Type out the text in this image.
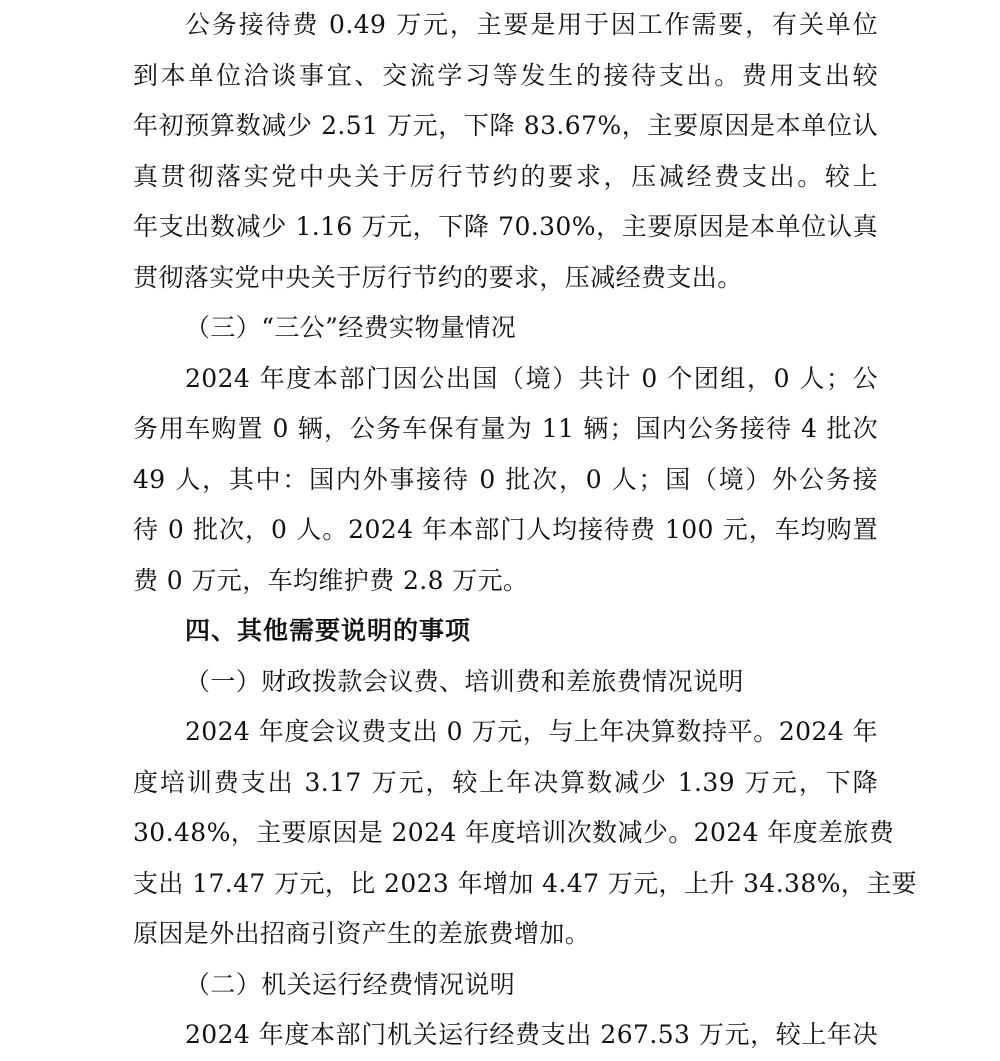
公务接待费 0.49 万元，主要是用于因工作需要，有关单位
到本单位洽谈事宜、交流学习等发生的接待支出。费用支出较
年初预算数减少 2.51 万元，下降 83.67%，主要原因是本单位认
真贯彻落实党中央关于厉行节约的要求，压减经费支出。较上
年支出数减少 1.16 万元，下降 70.30%，主要原因是本单位认真
贯彻落实党中央关于厉行节约的要求，压减经费支出。
（三）“三公”经费实物量情况
2024 年度本部门因公出国（境）共计 0 个团组，0 人；公
务用车购置 0 辆，公务车保有量为 11 辆；国内公务接待 4 批次
49 人，其中：国内外事接待 0 批次，0 人；国（境）外公务接
待 0 批次，0 人。2024 年本部门人均接待费 100 元，车均购置
费 0 万元，车均维护费 2.8 万元。
四、其他需要说明的事项
（一）财政拨款会议费、培训费和差旅费情况说明
2024 年度会议费支出 0 万元，与上年决算数持平。2024 年
度培训费支出 3.17 万元，较上年决算数减少 1.39 万元，下降
30.48%，主要原因是 2024 年度培训次数减少。2024 年度差旅费
支出 17.47 万元，比 2023 年增加 4.47 万元，上升 34.38%，主要
原因是外出招商引资产生的差旅费增加。
（二）机关运行经费情况说明
2024 年度本部门机关运行经费支出 267.53 万元，较上年决
